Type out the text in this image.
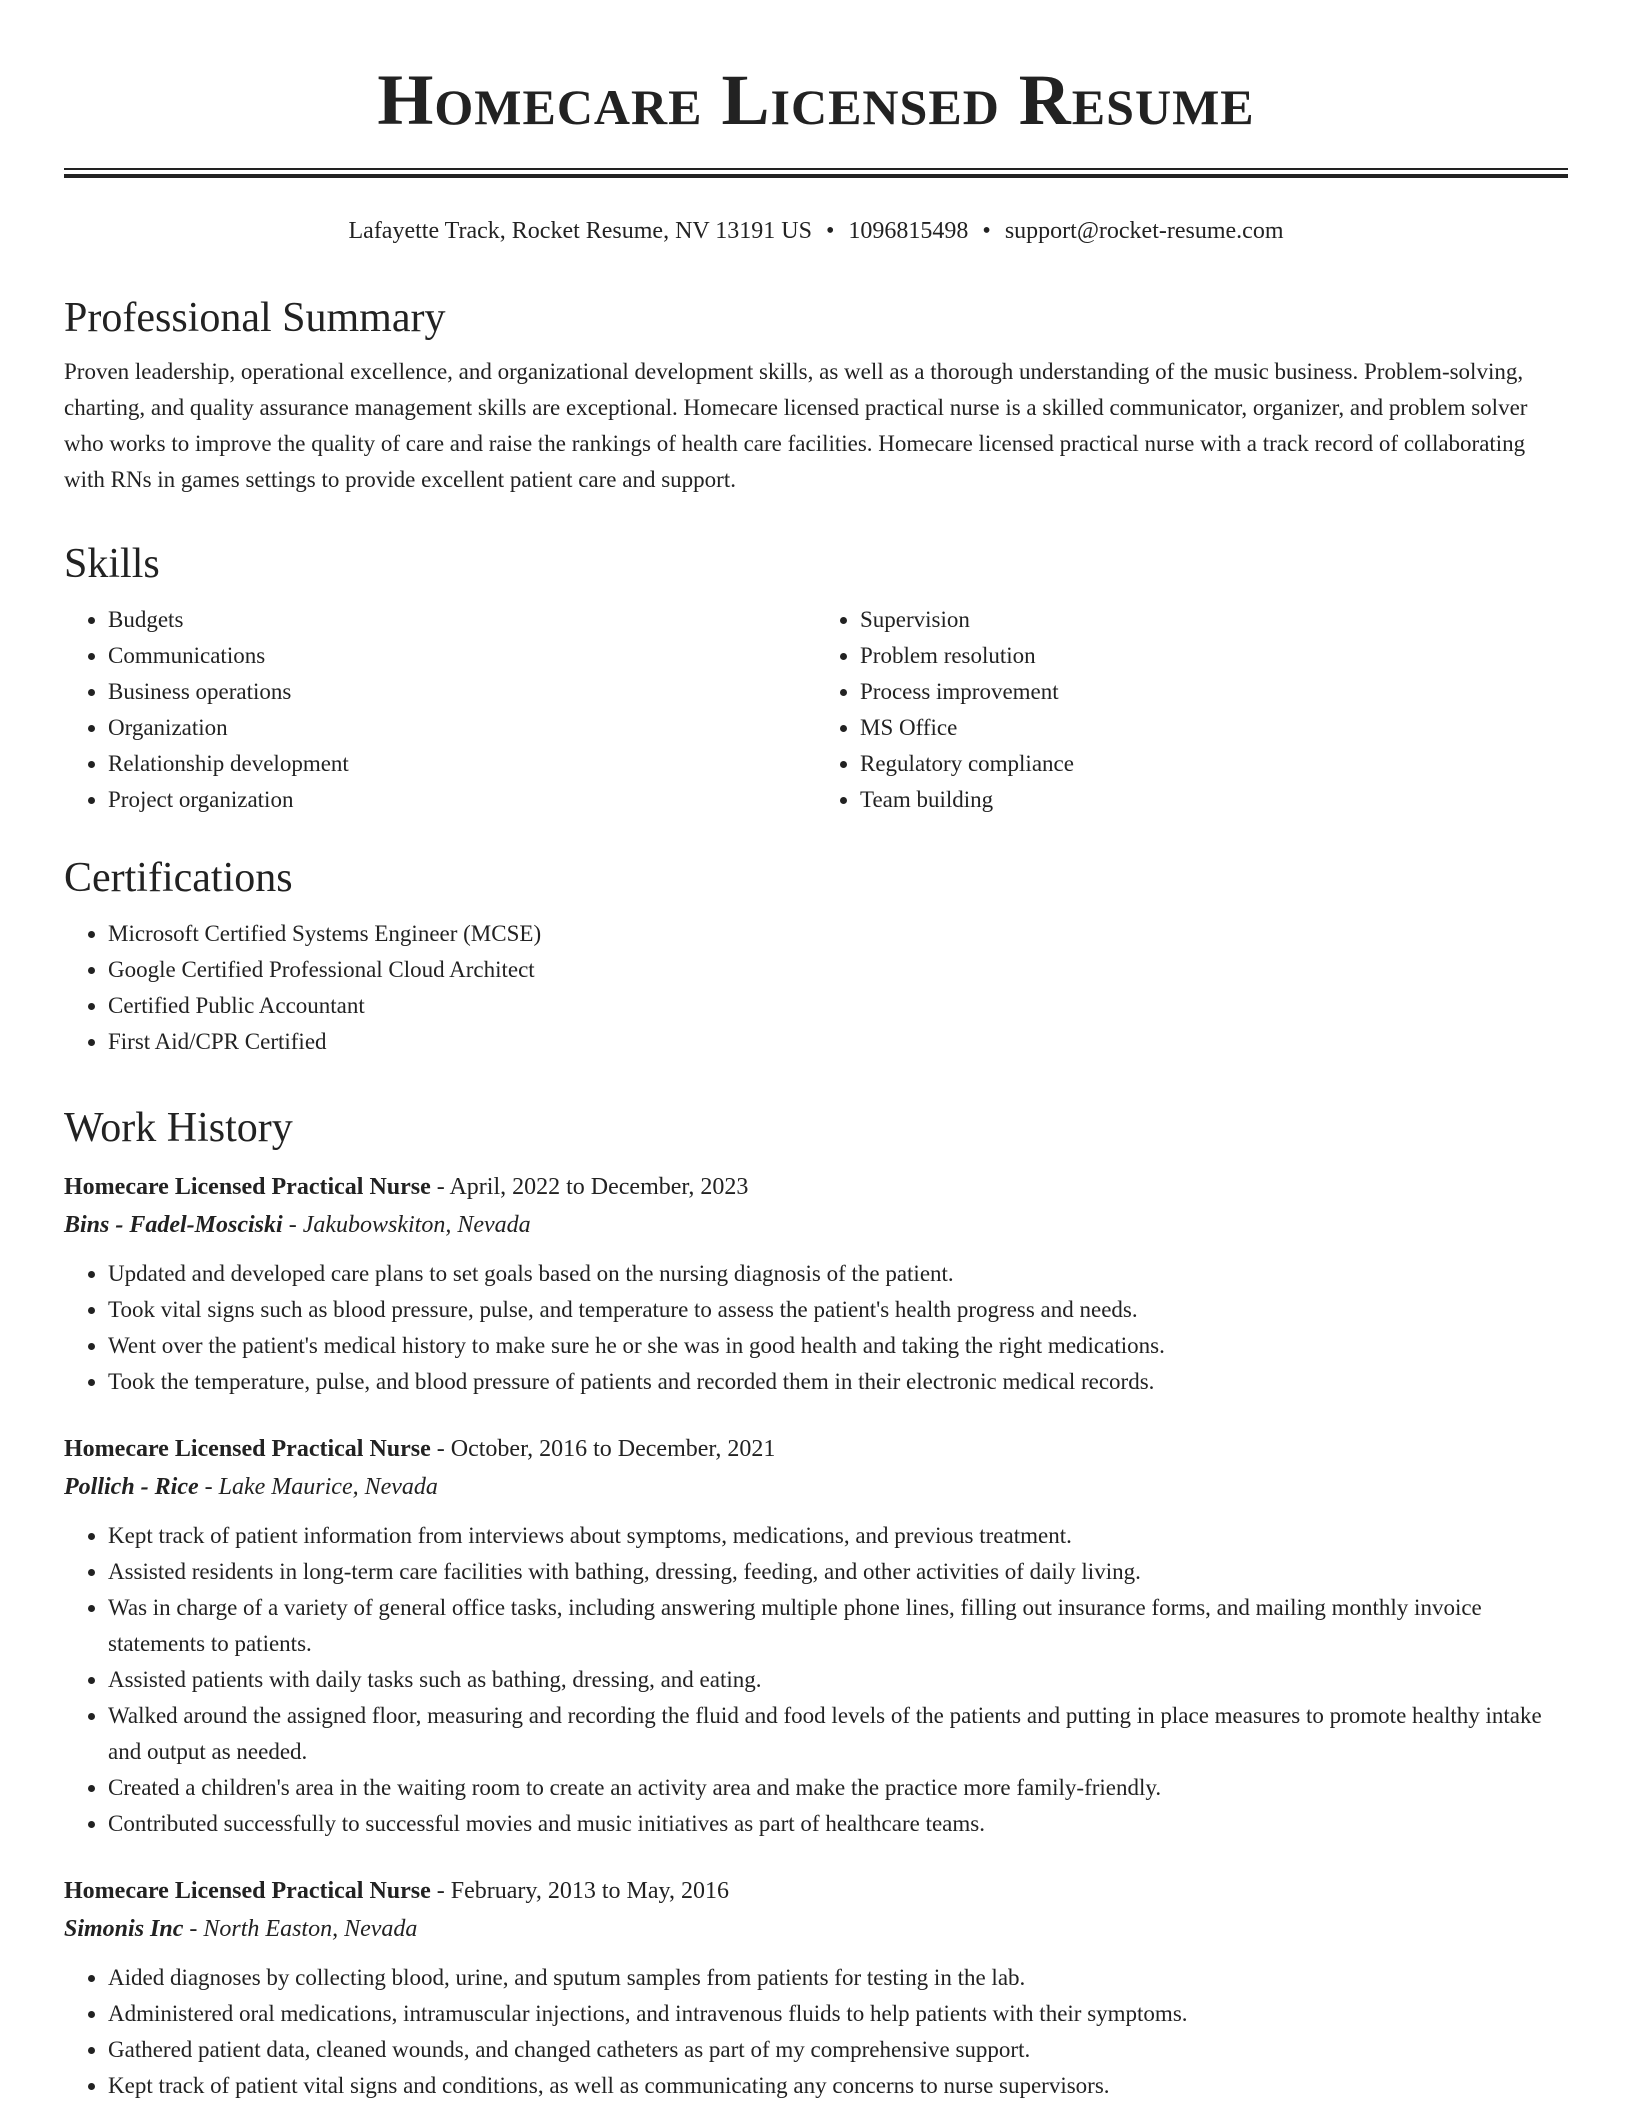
Homecare Licensed Resume
Lafayette Track, Rocket Resume, NV 13191 US • 1096815498 • support@rocket-resume.com
Professional Summary

Proven leadership, operational excellence, and organizational development skills, as well as a thorough understanding of the music business. Problem-solving, charting, and quality assurance management skills are exceptional. Homecare licensed practical nurse is a skilled communicator, organizer, and problem solver who works to improve the quality of care and raise the rankings of health care facilities. Homecare licensed practical nurse with a track record of collaborating with RNs in games settings to provide excellent patient care and support.

Skills
• Budgets
• Communications
• Business operations
• Organization
• Relationship development
• Project organization
• Supervision
• Problem resolution
• Process improvement
• MS Office
• Regulatory compliance
• Team building
Certifications
• Microsoft Certified Systems Engineer (MCSE)
• Google Certified Professional Cloud Architect
• Certified Public Accountant
• First Aid/CPR Certified
Work History
Homecare Licensed Practical Nurse - April, 2022 to December, 2023
Bins - Fadel-Mosciski - Jakubowskiton, Nevada
• Updated and developed care plans to set goals based on the nursing diagnosis of the patient.
• Took vital signs such as blood pressure, pulse, and temperature to assess the patient's health progress and needs.
• Went over the patient's medical history to make sure he or she was in good health and taking the right medications.
• Took the temperature, pulse, and blood pressure of patients and recorded them in their electronic medical records.
Homecare Licensed Practical Nurse - October, 2016 to December, 2021
Pollich - Rice - Lake Maurice, Nevada
• Kept track of patient information from interviews about symptoms, medications, and previous treatment.
• Assisted residents in long-term care facilities with bathing, dressing, feeding, and other activities of daily living.
• Was in charge of a variety of general office tasks, including answering multiple phone lines, filling out insurance forms, and mailing monthly invoice statements to patients.
• Assisted patients with daily tasks such as bathing, dressing, and eating.
• Walked around the assigned floor, measuring and recording the fluid and food levels of the patients and putting in place measures to promote healthy intake and output as needed.
• Created a children's area in the waiting room to create an activity area and make the practice more family-friendly.
• Contributed successfully to successful movies and music initiatives as part of healthcare teams.
Homecare Licensed Practical Nurse - February, 2013 to May, 2016
Simonis Inc - North Easton, Nevada
• Aided diagnoses by collecting blood, urine, and sputum samples from patients for testing in the lab.
• Administered oral medications, intramuscular injections, and intravenous fluids to help patients with their symptoms.
• Gathered patient data, cleaned wounds, and changed catheters as part of my comprehensive support.
• Kept track of patient vital signs and conditions, as well as communicating any concerns to nurse supervisors.
